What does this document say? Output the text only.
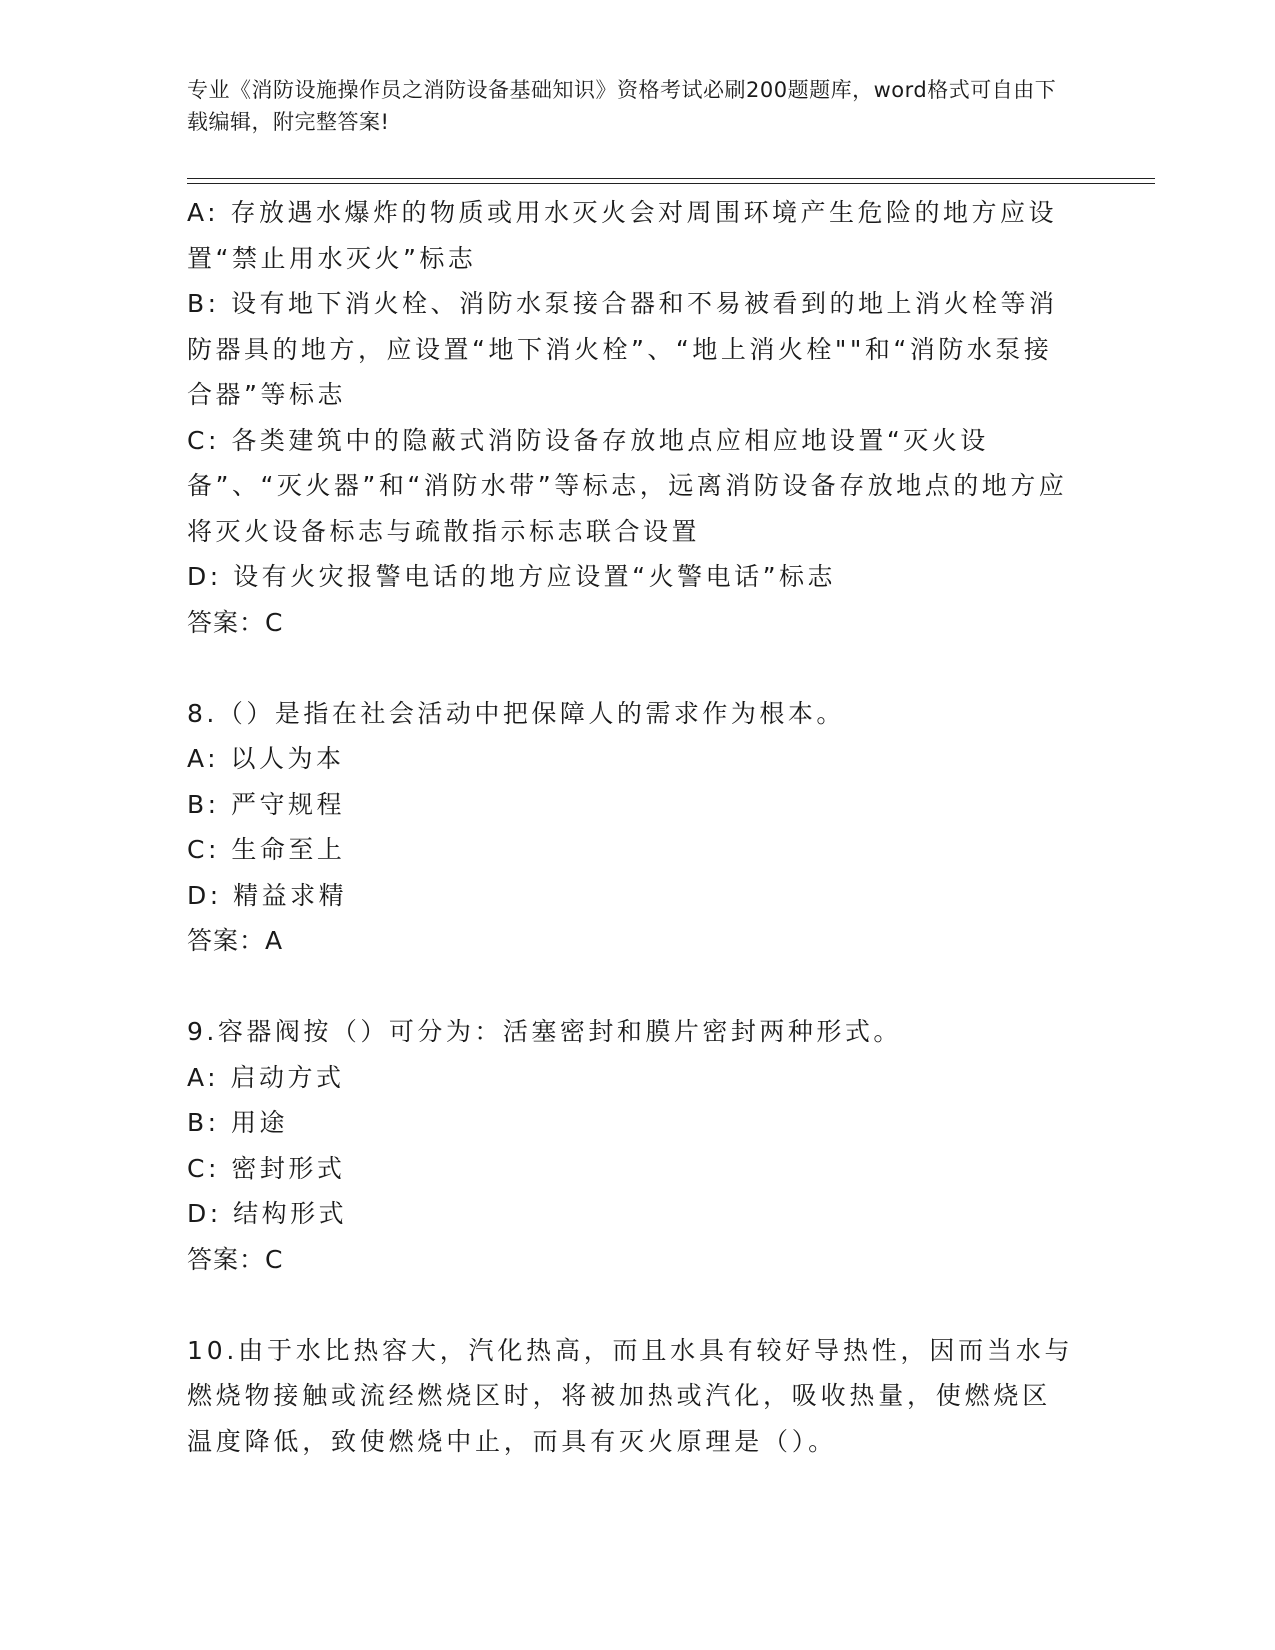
专业《消防设施操作员之消防设备基础知识》资格考试必刷200题题库，word格式可自由下载编辑，附完整答案!

A: 存放遇水爆炸的物质或用水灭火会对周围环境产生危险的地方应设置“禁止用水灭火”标志

B: 设有地下消火栓、消防水泵接合器和不易被看到的地上消火栓等消防器具的地方，应设置“地下消火栓”、“地上消火栓""和“消防水泵接合器”等标志

C: 各类建筑中的隐蔽式消防设备存放地点应相应地设置“灭火设备”、“灭火器”和“消防水带”等标志，远离消防设备存放地点的地方应将灭火设备标志与疏散指示标志联合设置

D: 设有火灾报警电话的地方应设置“火警电话”标志

答案：C

8.（）是指在社会活动中把保障人的需求作为根本。

A: 以人为本

B: 严守规程

C: 生命至上

D: 精益求精

答案：A

9.容器阀按（）可分为：活塞密封和膜片密封两种形式。

A: 启动方式

B: 用途

C: 密封形式

D: 结构形式

答案：C

10.由于水比热容大，汽化热高，而且水具有较好导热性，因而当水与燃烧物接触或流经燃烧区时，将被加热或汽化，吸收热量，使燃烧区温度降低，致使燃烧中止，而具有灭火原理是（）。
